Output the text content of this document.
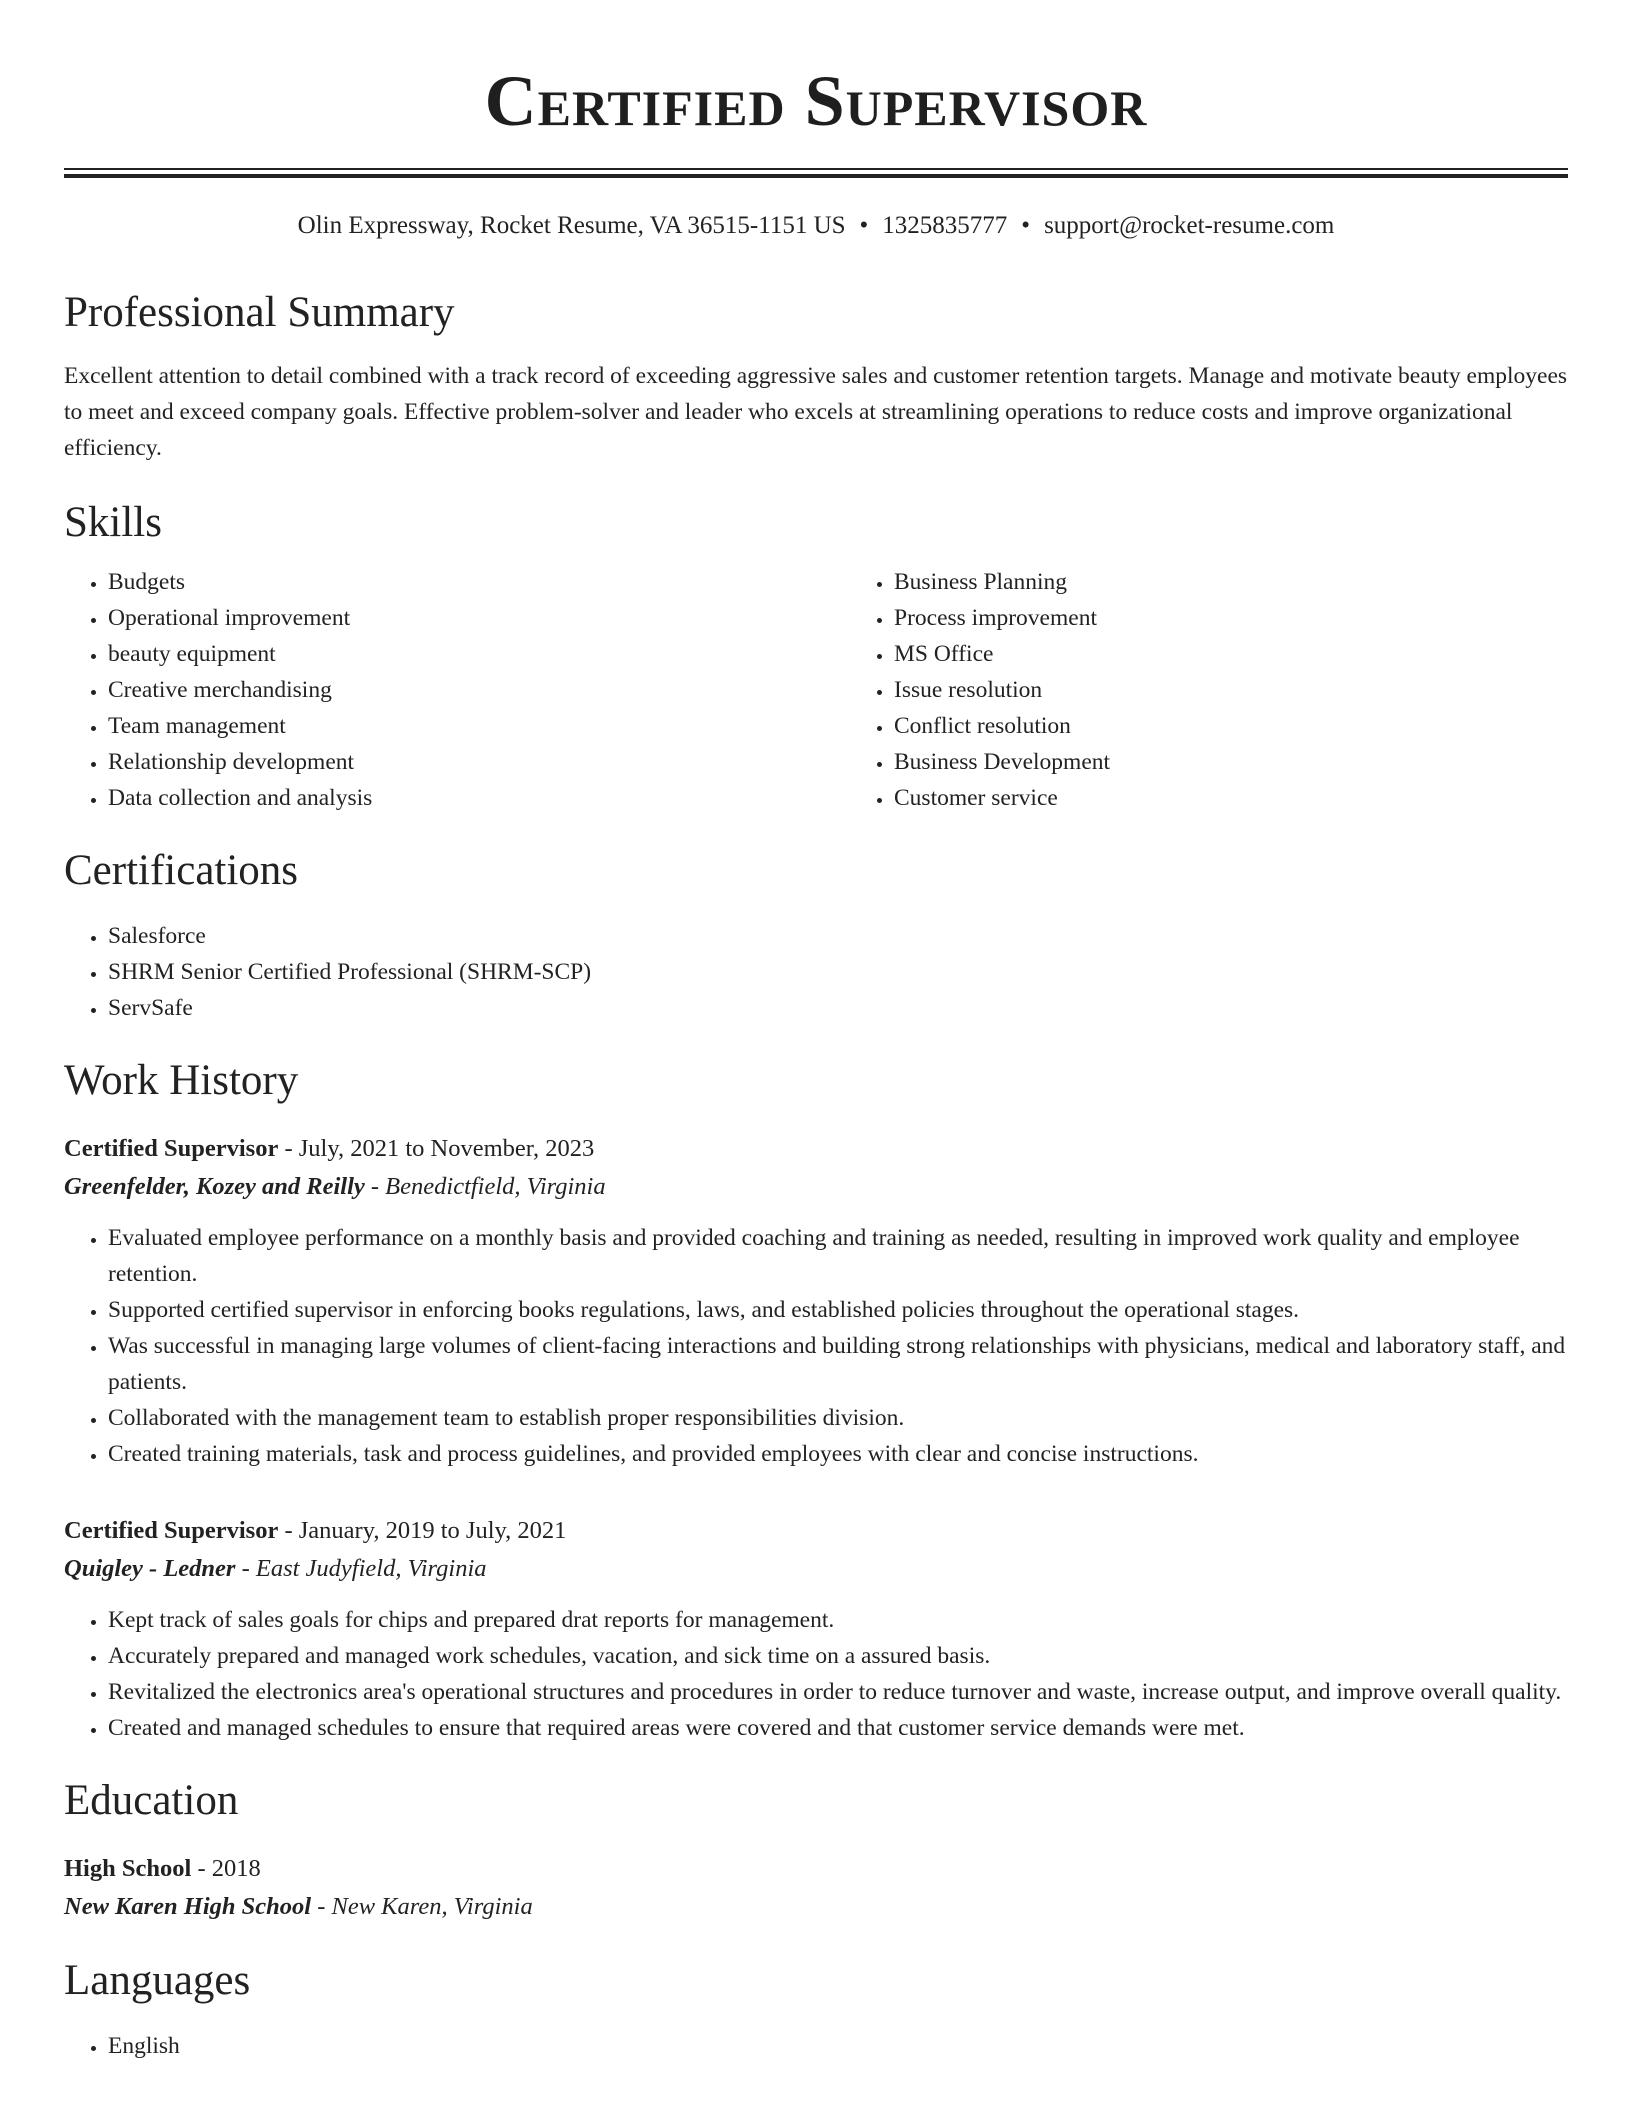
Certified Supervisor
Olin Expressway, Rocket Resume, VA 36515-1151 US • 1325835777 • support@rocket-resume.com
Professional Summary

Excellent attention to detail combined with a track record of exceeding aggressive sales and customer retention targets. Manage and motivate beauty employees to meet and exceed company goals. Effective problem-solver and leader who excels at streamlining operations to reduce costs and improve organizational efficiency.

Skills
• Budgets
• Operational improvement
• beauty equipment
• Creative merchandising
• Team management
• Relationship development
• Data collection and analysis
• Business Planning
• Process improvement
• MS Office
• Issue resolution
• Conflict resolution
• Business Development
• Customer service
Certifications
• Salesforce
• SHRM Senior Certified Professional (SHRM-SCP)
• ServSafe
Work History

Certified Supervisor - July, 2021 to November, 2023

Greenfelder, Kozey and Reilly - Benedictfield, Virginia

• Evaluated employee performance on a monthly basis and provided coaching and training as needed, resulting in improved work quality and employee retention.
• Supported certified supervisor in enforcing books regulations, laws, and established policies throughout the operational stages.
• Was successful in managing large volumes of client-facing interactions and building strong relationships with physicians, medical and laboratory staff, and patients.
• Collaborated with the management team to establish proper responsibilities division.
• Created training materials, task and process guidelines, and provided employees with clear and concise instructions.

Certified Supervisor - January, 2019 to July, 2021

Quigley - Ledner - East Judyfield, Virginia

• Kept track of sales goals for chips and prepared drat reports for management.
• Accurately prepared and managed work schedules, vacation, and sick time on a assured basis.
• Revitalized the electronics area's operational structures and procedures in order to reduce turnover and waste, increase output, and improve overall quality.
• Created and managed schedules to ensure that required areas were covered and that customer service demands were met.
Education

High School - 2018

New Karen High School - New Karen, Virginia

Languages
• English
